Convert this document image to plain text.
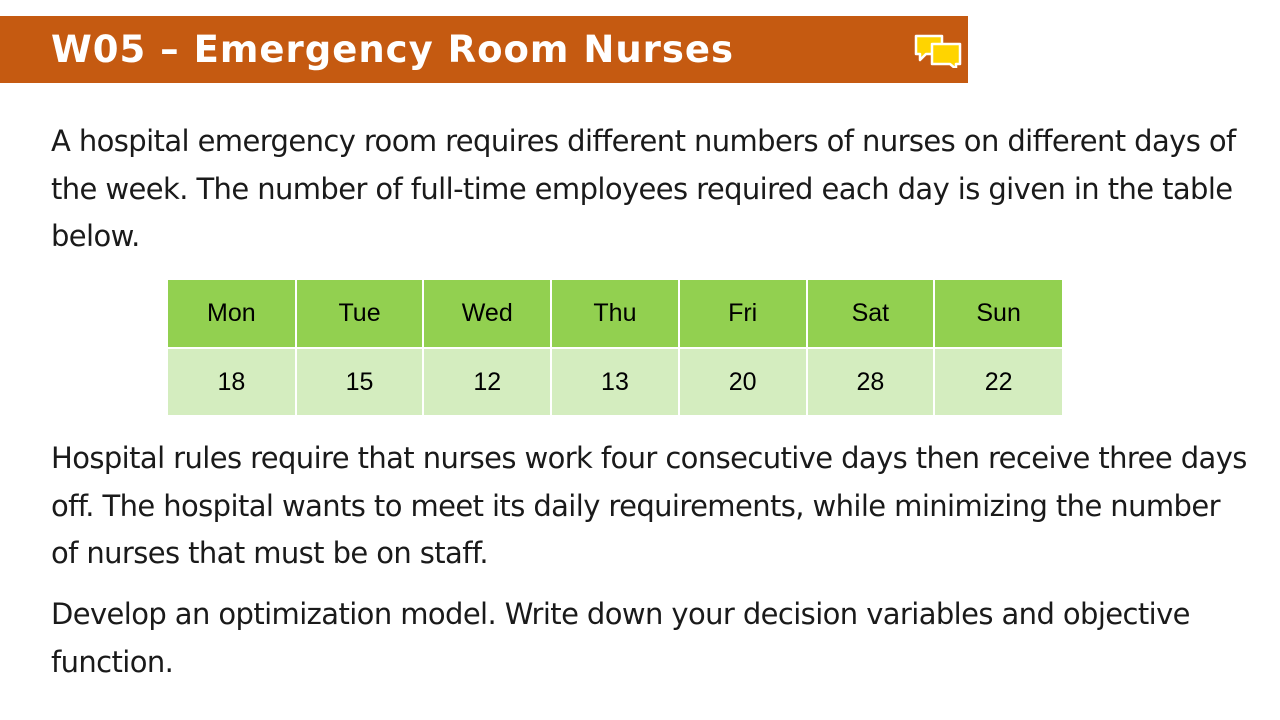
W05 – Emergency Room Nurses

A hospital emergency room requires different numbers of nurses on different days of the week. The number of full-time employees required each day is given in the table below.

Mon	Tue	Wed	Thu	Fri	Sat	Sun
18	15	12	13	20	28	22

Hospital rules require that nurses work four consecutive days then receive three days off. The hospital wants to meet its daily requirements, while minimizing the number of nurses that must be on staff.

Develop an optimization model. Write down your decision variables and objective function.
